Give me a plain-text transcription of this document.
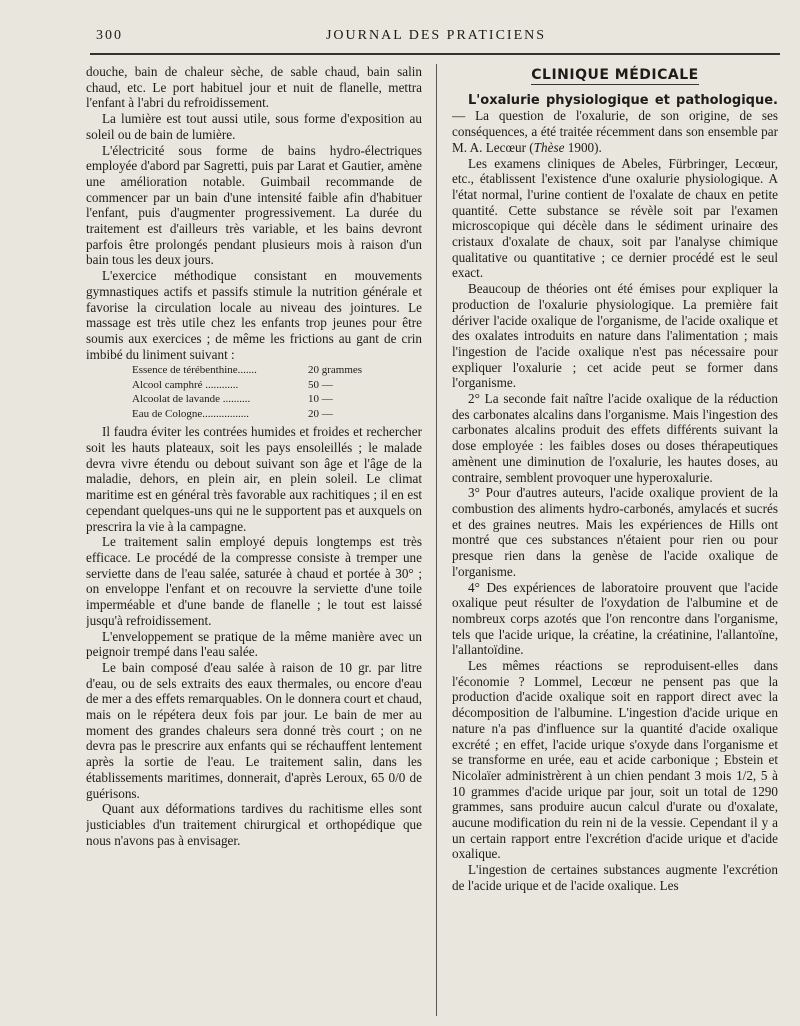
300	JOURNAL DES PRATICIENS

douche, bain de chaleur sèche, de sable chaud, bain salin chaud, etc. Le port habituel jour et nuit de flanelle, mettra l'enfant à l'abri du refroidissement.

La lumière est tout aussi utile, sous forme d'exposition au soleil ou de bain de lumière.

L'électricité sous forme de bains hydro-électriques employée d'abord par Sagretti, puis par Larat et Gautier, amène une amélioration notable. Guimbail recommande de commencer par un bain d'une intensité faible afin d'habituer l'enfant, puis d'augmenter progressivement. La durée du traitement est d'ailleurs très variable, et les bains devront parfois être prolongés pendant plusieurs mois à raison d'un bain tous les deux jours.

L'exercice méthodique consistant en mouvements gymnastiques actifs et passifs stimule la nutrition générale et favorise la circulation locale au niveau des jointures. Le massage est très utile chez les enfants trop jeunes pour être soumis aux exercices ; de même les frictions au gant de crin imbibé du liniment suivant :

Essence de térébenthine.......	20 grammes
Alcool camphré ............	50 —
Alcoolat de lavande ..........	10 —
Eau de Cologne.................	20 —

Il faudra éviter les contrées humides et froides et rechercher soit les hauts plateaux, soit les pays ensoleillés ; le malade devra vivre étendu ou debout suivant son âge et l'âge de la maladie, dehors, en plein air, en plein soleil. Le climat maritime est en général très favorable aux rachitiques ; il en est cependant quelques-uns qui ne le supportent pas et auxquels on prescrira la vie à la campagne.

Le traitement salin employé depuis longtemps est très efficace. Le procédé de la compresse consiste à tremper une serviette dans de l'eau salée, saturée à chaud et portée à 30° ; on enveloppe l'enfant et on recouvre la serviette d'une toile imperméable et d'une bande de flanelle ; le tout est laissé jusqu'à refroidissement.

L'enveloppement se pratique de la même manière avec un peignoir trempé dans l'eau salée.

Le bain composé d'eau salée à raison de 10 gr. par litre d'eau, ou de sels extraits des eaux thermales, ou encore d'eau de mer a des effets remarquables. On le donnera court et chaud, mais on le répétera deux fois par jour. Le bain de mer au moment des grandes chaleurs sera donné très court ; on ne devra pas le prescrire aux enfants qui se réchauffent lentement après la sortie de l'eau. Le traitement salin, dans les établissements maritimes, donnerait, d'après Leroux, 65 0/0 de guérisons.

Quant aux déformations tardives du rachitisme elles sont justiciables d'un traitement chirurgical et orthopédique que nous n'avons pas à envisager.

CLINIQUE MÉDICALE

L'oxalurie physiologique et pathologique. — La question de l'oxalurie, de son origine, de ses conséquences, a été traitée récemment dans son ensemble par M. A. Lecœur (Thèse 1900).

Les examens cliniques de Abeles, Fürbringer, Lecœur, etc., établissent l'existence d'une oxalurie physiologique. A l'état normal, l'urine contient de l'oxalate de chaux en petite quantité. Cette substance se révèle soit par l'examen microscopique qui décèle dans le sédiment urinaire des cristaux d'oxalate de chaux, soit par l'analyse chimique qualitative ou quantitative ; ce dernier procédé est le seul exact.

Beaucoup de théories ont été émises pour expliquer la production de l'oxalurie physiologique. La première fait dériver l'acide oxalique de l'organisme, de l'acide oxalique et des oxalates introduits en nature dans l'alimentation ; mais l'ingestion de l'acide oxalique n'est pas nécessaire pour expliquer l'oxalurie ; cet acide peut se former dans l'organisme.

2° La seconde fait naître l'acide oxalique de la réduction des carbonates alcalins dans l'organisme. Mais l'ingestion des carbonates alcalins produit des effets différents suivant la dose employée : les faibles doses ou doses thérapeutiques amènent une diminution de l'oxalurie, les hautes doses, au contraire, semblent provoquer une hyperoxalurie.

3° Pour d'autres auteurs, l'acide oxalique provient de la combustion des aliments hydro-carbonés, amylacés et sucrés et des graines neutres. Mais les expériences de Hills ont montré que ces substances n'étaient pour rien ou pour presque rien dans la genèse de l'acide oxalique de l'organisme.

4° Des expériences de laboratoire prouvent que l'acide oxalique peut résulter de l'oxydation de l'albumine et de nombreux corps azotés que l'on rencontre dans l'organisme, tels que l'acide urique, la créatine, la créatinine, l'allantoïne, l'allantoïdine.

Les mêmes réactions se reproduisent-elles dans l'économie ? Lommel, Lecœur ne pensent pas que la production d'acide oxalique soit en rapport direct avec la décomposition de l'albumine. L'ingestion d'acide urique en nature n'a pas d'influence sur la quantité d'acide oxalique excrété ; en effet, l'acide urique s'oxyde dans l'organisme et se transforme en urée, eau et acide carbonique ; Ebstein et Nicolaïer administrèrent à un chien pendant 3 mois 1/2, 5 à 10 grammes d'acide urique par jour, soit un total de 1290 grammes, sans produire aucun calcul d'urate ou d'oxalate, aucune modification du rein ni de la vessie. Cependant il y a un certain rapport entre l'excrétion d'acide urique et d'acide oxalique.

L'ingestion de certaines substances augmente l'excrétion de l'acide urique et de l'acide oxalique. Les
